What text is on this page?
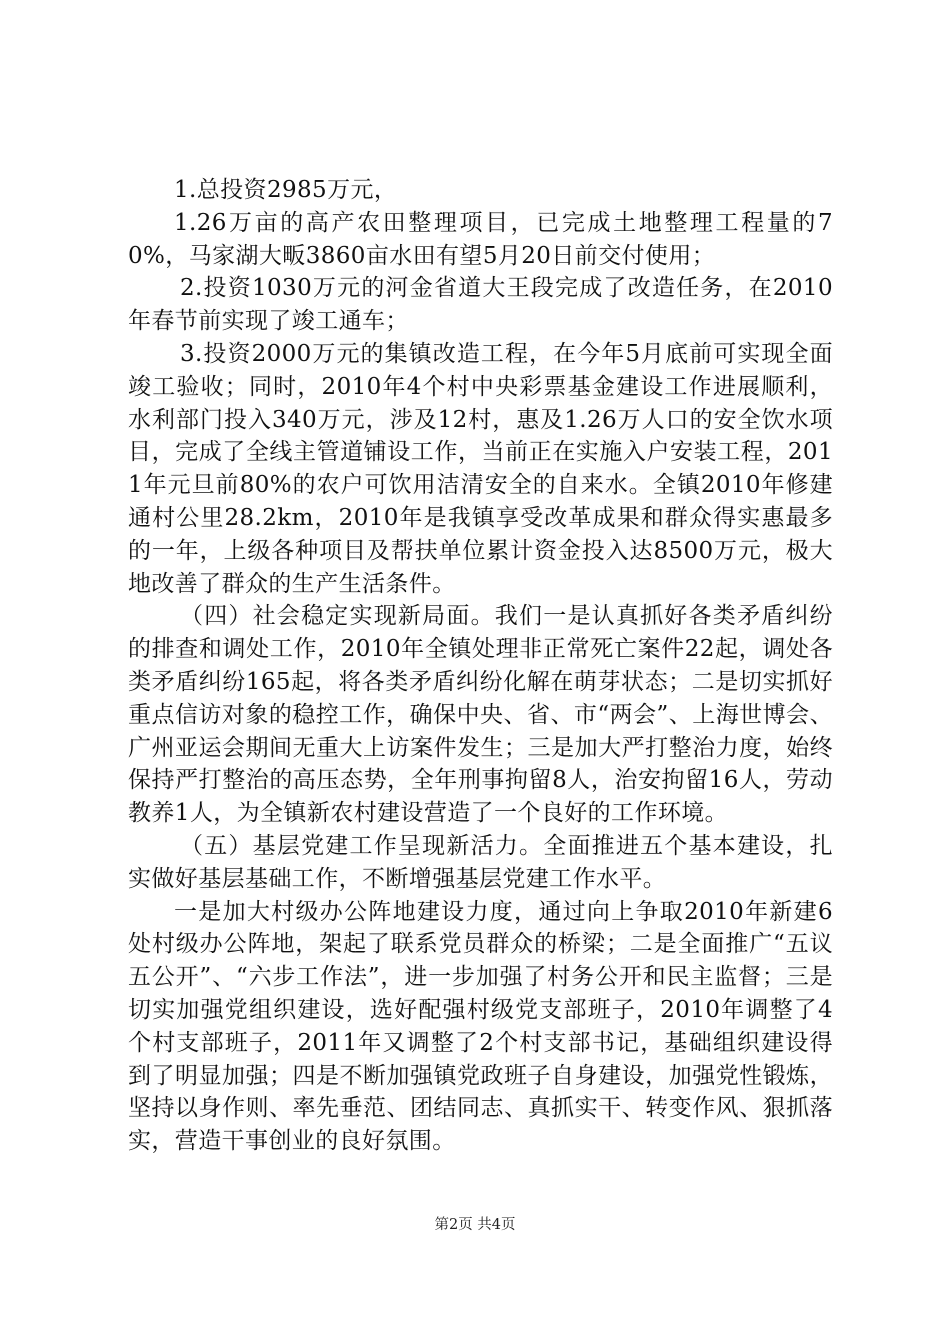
1.总投资2985万元，

1.26万亩的高产农田整理项目，已完成土地整理工程量的70%，马家湖大畈3860亩水田有望5月20日前交付使用；

2.投资1030万元的河金省道大王段完成了改造任务，在2010年春节前实现了竣工通车；

3.投资2000万元的集镇改造工程，在今年5月底前可实现全面竣工验收；同时，2010年4个村中央彩票基金建设工作进展顺利，水利部门投入340万元，涉及12村，惠及1.26万人口的安全饮水项目，完成了全线主管道铺设工作，当前正在实施入户安装工程，2011年元旦前80%的农户可饮用洁清安全的自来水。全镇2010年修建通村公里28.2km，2010年是我镇享受改革成果和群众得实惠最多的一年，上级各种项目及帮扶单位累计资金投入达8500万元，极大地改善了群众的生产生活条件。

（四）社会稳定实现新局面。我们一是认真抓好各类矛盾纠纷的排查和调处工作，2010年全镇处理非正常死亡案件22起，调处各类矛盾纠纷165起，将各类矛盾纠纷化解在萌芽状态；二是切实抓好重点信访对象的稳控工作，确保中央、省、市“两会”、上海世博会、广州亚运会期间无重大上访案件发生；三是加大严打整治力度，始终保持严打整治的高压态势，全年刑事拘留8人，治安拘留16人，劳动教养1人，为全镇新农村建设营造了一个良好的工作环境。

（五）基层党建工作呈现新活力。全面推进五个基本建设，扎实做好基层基础工作，不断增强基层党建工作水平。

一是加大村级办公阵地建设力度，通过向上争取2010年新建6处村级办公阵地，架起了联系党员群众的桥梁；二是全面推广“五议五公开”、“六步工作法”，进一步加强了村务公开和民主监督；三是切实加强党组织建设，选好配强村级党支部班子，2010年调整了4个村支部班子，2011年又调整了2个村支部书记，基础组织建设得到了明显加强；四是不断加强镇党政班子自身建设，加强党性锻炼，坚持以身作则、率先垂范、团结同志、真抓实干、转变作风、狠抓落实，营造干事创业的良好氛围。

第2页 共4页
